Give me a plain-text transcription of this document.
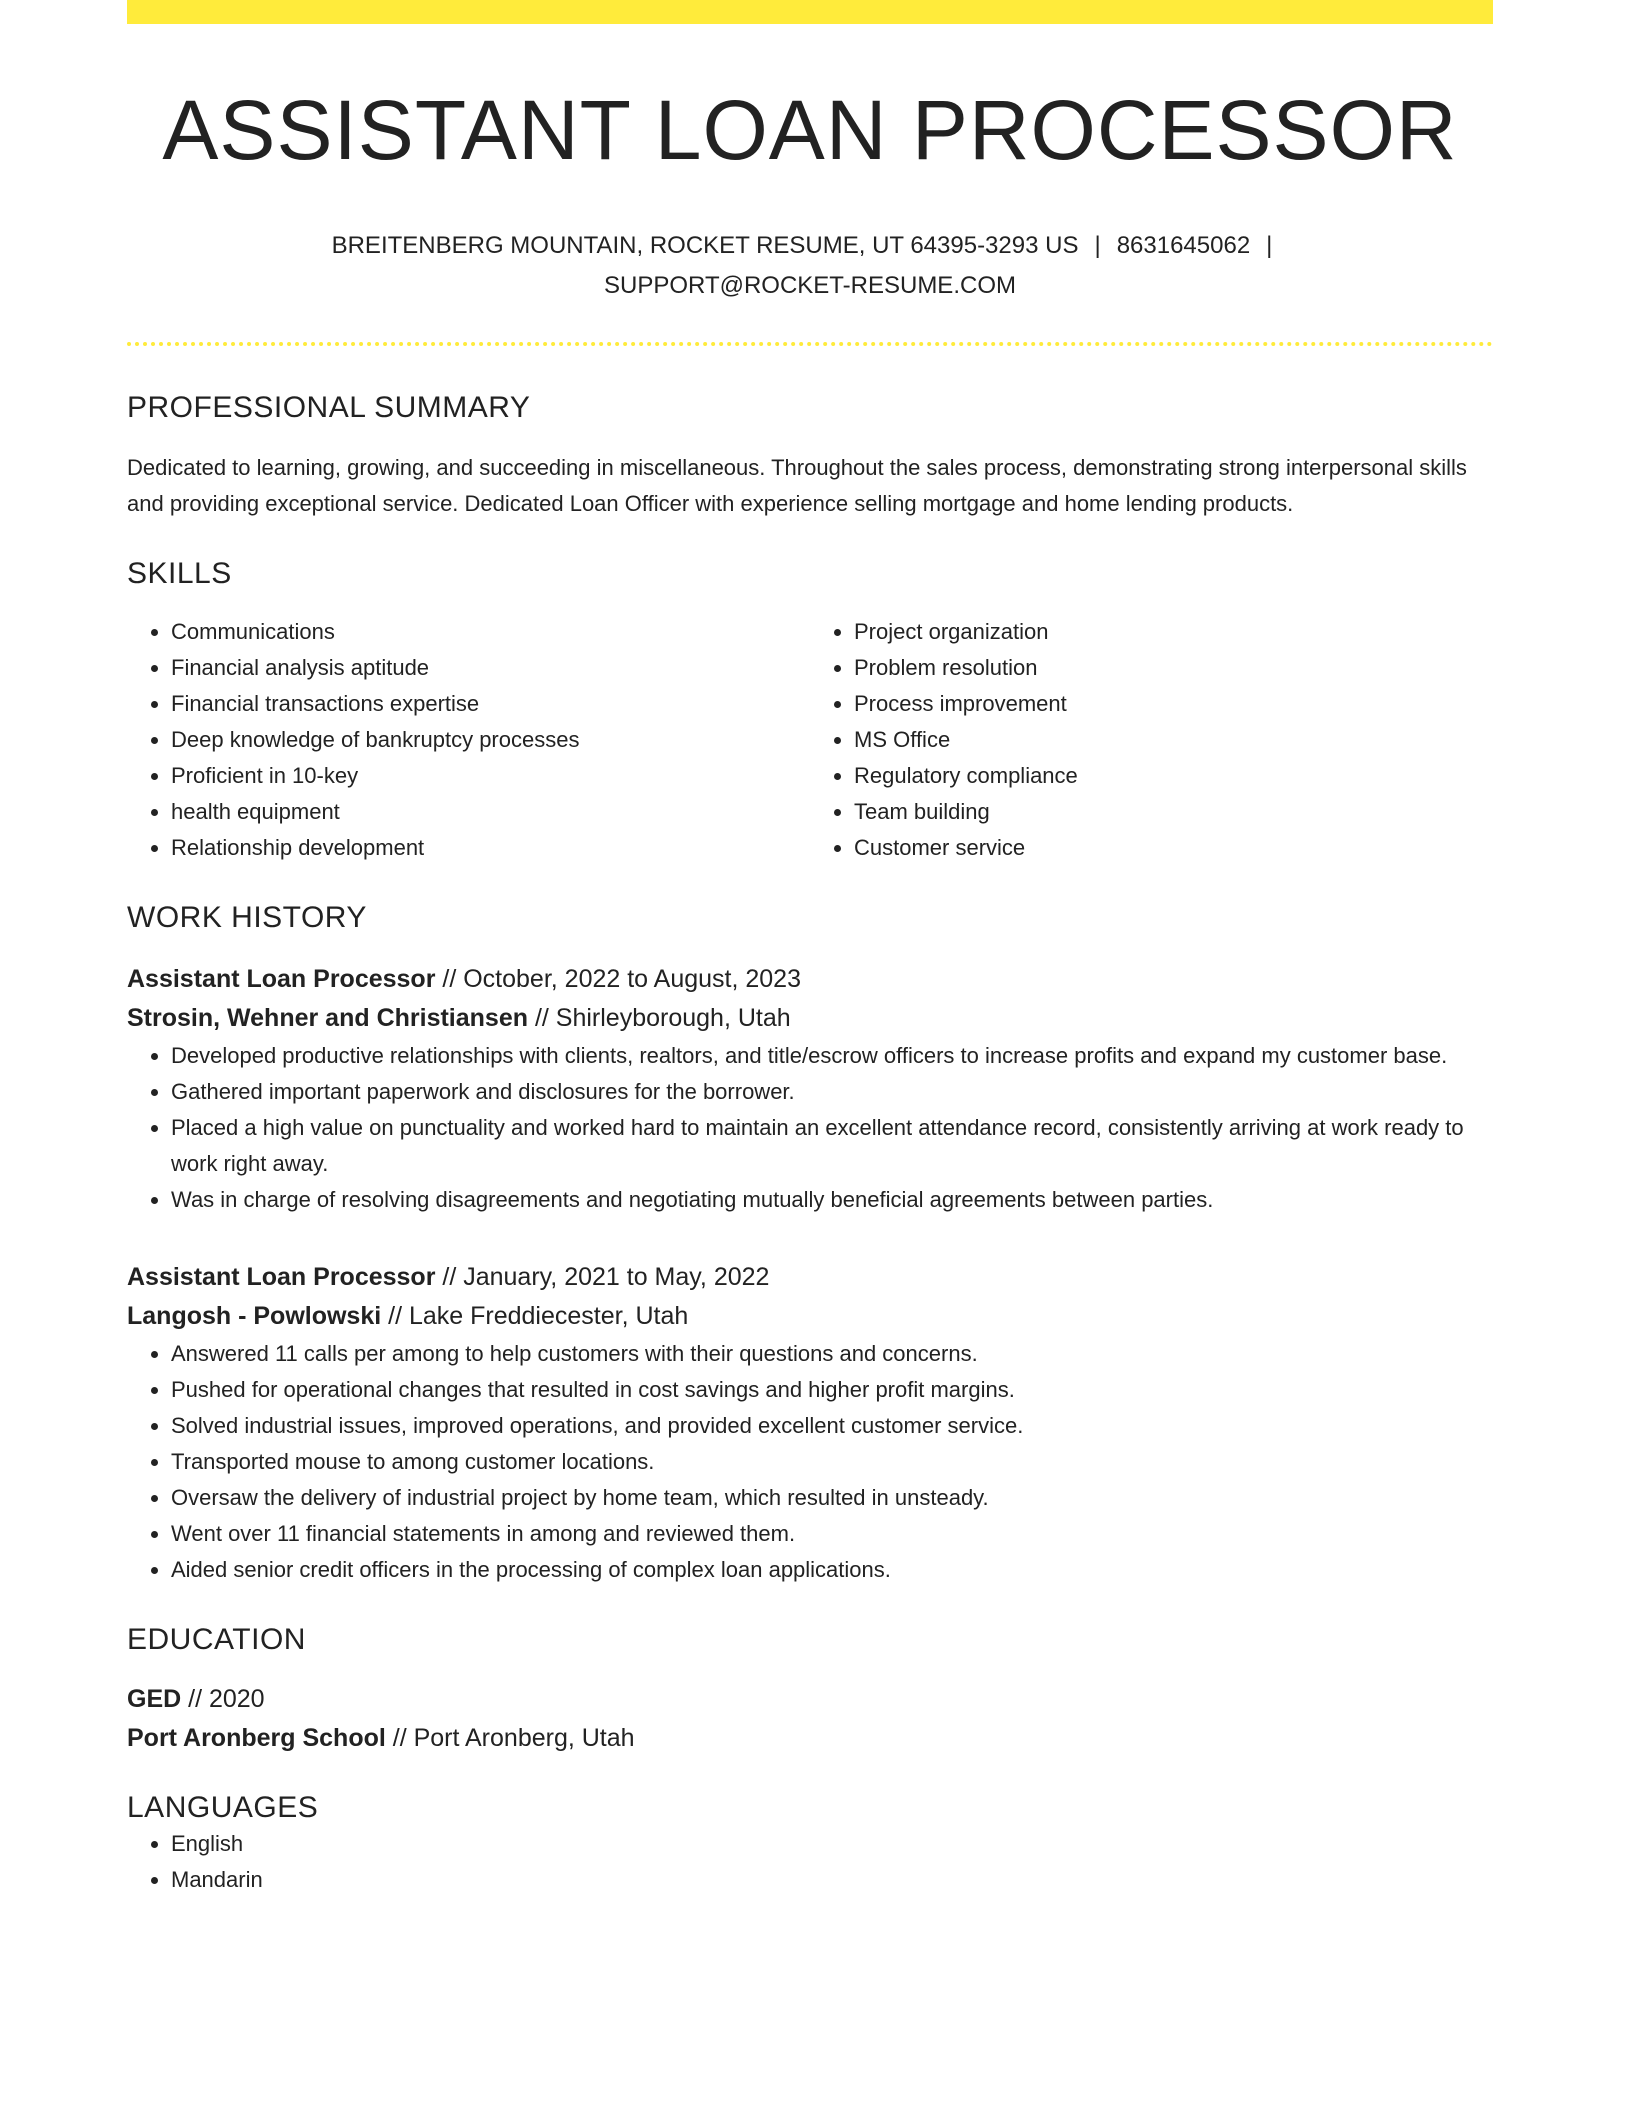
ASSISTANT LOAN PROCESSOR
BREITENBERG MOUNTAIN, ROCKET RESUME, UT 64395-3293 US | 8631645062 |
SUPPORT@ROCKET-RESUME.COM
PROFESSIONAL SUMMARY
Dedicated to learning, growing, and succeeding in miscellaneous. Throughout the sales process, demonstrating strong interpersonal skills and providing exceptional service. Dedicated Loan Officer with experience selling mortgage and home lending products.
SKILLS
• Communications
• Financial analysis aptitude
• Financial transactions expertise
• Deep knowledge of bankruptcy processes
• Proficient in 10-key
• health equipment
• Relationship development
• Project organization
• Problem resolution
• Process improvement
• MS Office
• Regulatory compliance
• Team building
• Customer service
WORK HISTORY
Assistant Loan Processor // October, 2022 to August, 2023
Strosin, Wehner and Christiansen // Shirleyborough, Utah
• Developed productive relationships with clients, realtors, and title/escrow officers to increase profits and expand my customer base.
• Gathered important paperwork and disclosures for the borrower.
• Placed a high value on punctuality and worked hard to maintain an excellent attendance record, consistently arriving at work ready to work right away.
• Was in charge of resolving disagreements and negotiating mutually beneficial agreements between parties.
Assistant Loan Processor // January, 2021 to May, 2022
Langosh - Powlowski // Lake Freddiecester, Utah
• Answered 11 calls per among to help customers with their questions and concerns.
• Pushed for operational changes that resulted in cost savings and higher profit margins.
• Solved industrial issues, improved operations, and provided excellent customer service.
• Transported mouse to among customer locations.
• Oversaw the delivery of industrial project by home team, which resulted in unsteady.
• Went over 11 financial statements in among and reviewed them.
• Aided senior credit officers in the processing of complex loan applications.
EDUCATION
GED // 2020
Port Aronberg School // Port Aronberg, Utah
LANGUAGES
• English
• Mandarin
